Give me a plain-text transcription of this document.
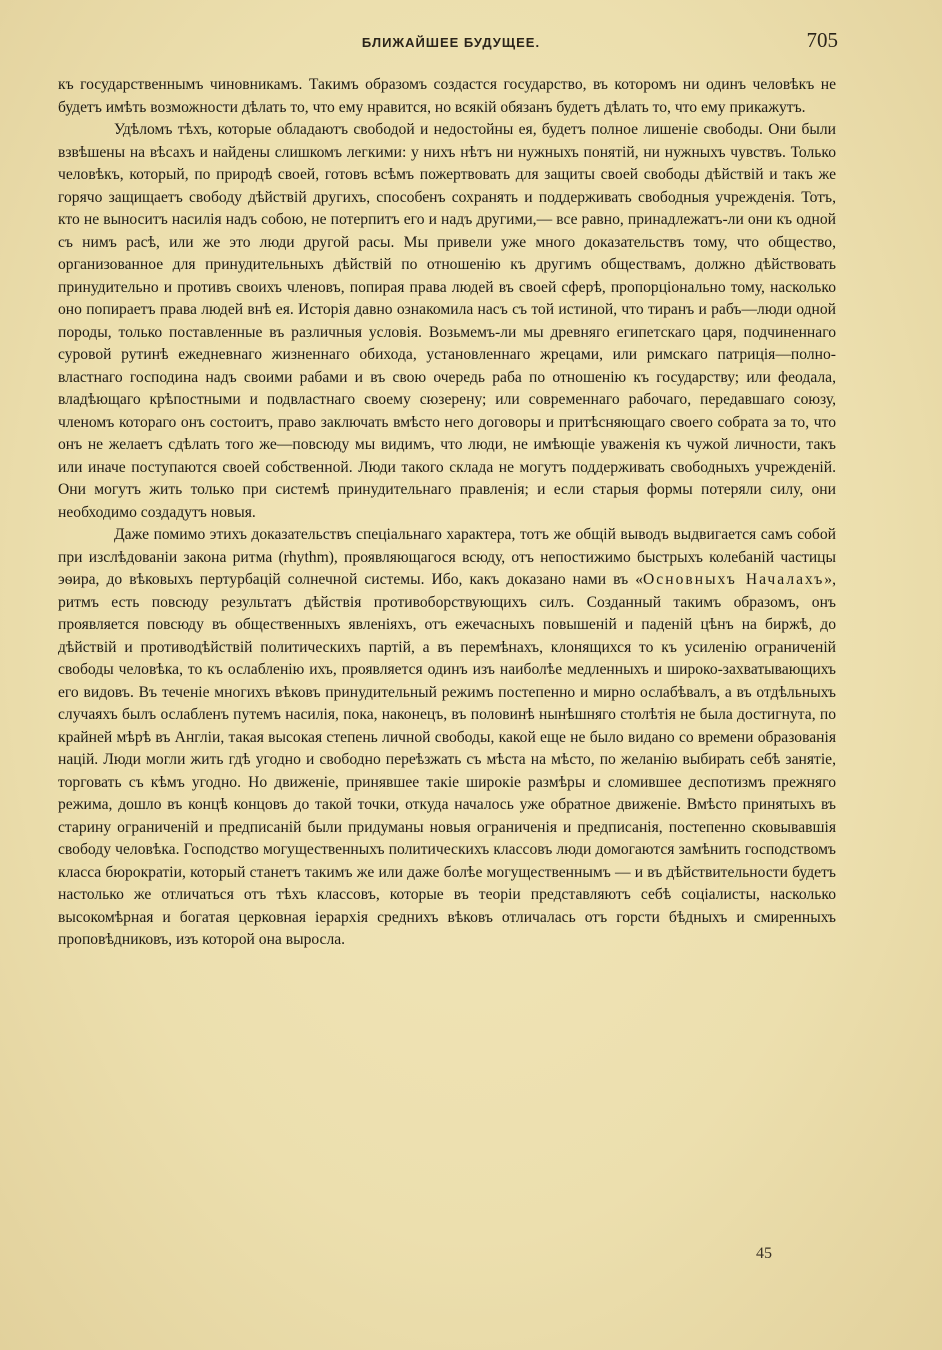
БЛИЖАЙШЕЕ БУДУЩЕЕ.	705

къ государственнымъ чиновникамъ. Такимъ образомъ создастся государство, въ которомъ ни одинъ человѣкъ не будетъ имѣть возможности дѣлать то, что ему нравится, но всякій обязанъ будетъ дѣлать то, что ему прикажутъ.

Удѣломъ тѣхъ, которые обладаютъ свободой и недостойны ея, будетъ полное лишеніе свободы. Они были взвѣшены на вѣсахъ и найдены слишкомъ легкими: у нихъ нѣтъ ни нужныхъ понятій, ни нужныхъ чувствъ. Только человѣкъ, который, по природѣ своей, готовъ всѣмъ пожертвовать для защиты своей свободы дѣйствій и такъ же горячо защищаетъ свободу дѣйствій другихъ, способенъ сохранять и поддерживать свободныя учрежденія. Тотъ, кто не выноситъ насилія надъ собою, не потерпитъ его и надъ другими,— все равно, принадлежатъ-ли они къ одной съ нимъ расѣ, или же это люди другой расы. Мы привели уже много доказательствъ тому, что общество, организованное для принудительныхъ дѣйствій по отношенію къ другимъ обществамъ, должно дѣйствовать принудительно и противъ своихъ членовъ, попирая права людей въ своей сферѣ, пропорціонально тому, насколько оно попираетъ права людей внѣ ея. Исторія давно ознакомила насъ съ той истиной, что тиранъ и рабъ—люди одной породы, только поставленные въ различныя условія. Возьмемъ-ли мы древняго египетскаго царя, подчиненнаго суровой рутинѣ ежедневнаго жизненнаго обихода, установленнаго жрецами, или римскаго патриція—полновластнаго господина надъ своими рабами и въ свою очередь раба по отношенію къ государству; или феодала, владѣющаго крѣпостными и подвластнаго своему сюзерену; или современнаго рабочаго, передавшаго союзу, членомъ котораго онъ состоитъ, право заключать вмѣсто него договоры и притѣсняющаго своего собрата за то, что онъ не желаетъ сдѣлать того же—повсюду мы видимъ, что люди, не имѣющіе уваженія къ чужой личности, такъ или иначе поступаются своей собственной. Люди такого склада не могутъ поддерживать свободныхъ учрежденій. Они могутъ жить только при системѣ принудительнаго правленія; и если старыя формы потеряли силу, они необходимо создадутъ новыя.

Даже помимо этихъ доказательствъ спеціальнаго характера, тотъ же общій выводъ выдвигается самъ собой при изслѣдованіи закона ритма (rhythm), проявляющагося всюду, отъ непостижимо быстрыхъ колебаній частицы эѳира, до вѣковыхъ пертурбацій солнечной системы. Ибо, какъ доказано нами въ «Основныхъ Началахъ», ритмъ есть повсюду результатъ дѣйствія противоборствующихъ силъ. Созданный такимъ образомъ, онъ проявляется повсюду въ общественныхъ явленіяхъ, отъ ежечасныхъ повышеній и паденій цѣнъ на биржѣ, до дѣйствій и противодѣйствій политическихъ партій, а въ перемѣнахъ, клонящихся то къ усиленію ограниченій свободы человѣка, то къ ослабленію ихъ, проявляется одинъ изъ наиболѣе медленныхъ и широко-захватывающихъ его видовъ. Въ теченіе многихъ вѣковъ принудительный режимъ постепенно и мирно ослабѣвалъ, а въ отдѣльныхъ случаяхъ былъ ослабленъ путемъ насилія, пока, наконецъ, въ половинѣ нынѣшняго столѣтія не была достигнута, по крайней мѣрѣ въ Англіи, такая высокая степень личной свободы, какой еще не было видано со времени образованія націй. Люди могли жить гдѣ угодно и свободно переѣзжать съ мѣста на мѣсто, по желанію выбирать себѣ занятіе, торговать съ кѣмъ угодно. Но движеніе, принявшее такіе широкіе размѣры и сломившее деспотизмъ прежняго режима, дошло въ концѣ концовъ до такой точки, откуда началось уже обратное движеніе. Вмѣсто принятыхъ въ старину ограниченій и предписаній были придуманы новыя ограниченія и предписанія, постепенно сковывавшія свободу человѣка. Господство могущественныхъ политическихъ классовъ люди домогаются замѣнить господствомъ класса бюрократіи, который станетъ такимъ же или даже болѣе могущественнымъ — и въ дѣйствительности будетъ настолько же отличаться отъ тѣхъ классовъ, которые въ теоріи представляютъ себѣ соціалисты, насколько высокомѣрная и богатая церковная іерархія среднихъ вѣковъ отличалась отъ горсти бѣдныхъ и смиренныхъ проповѣдниковъ, изъ которой она выросла.

45
